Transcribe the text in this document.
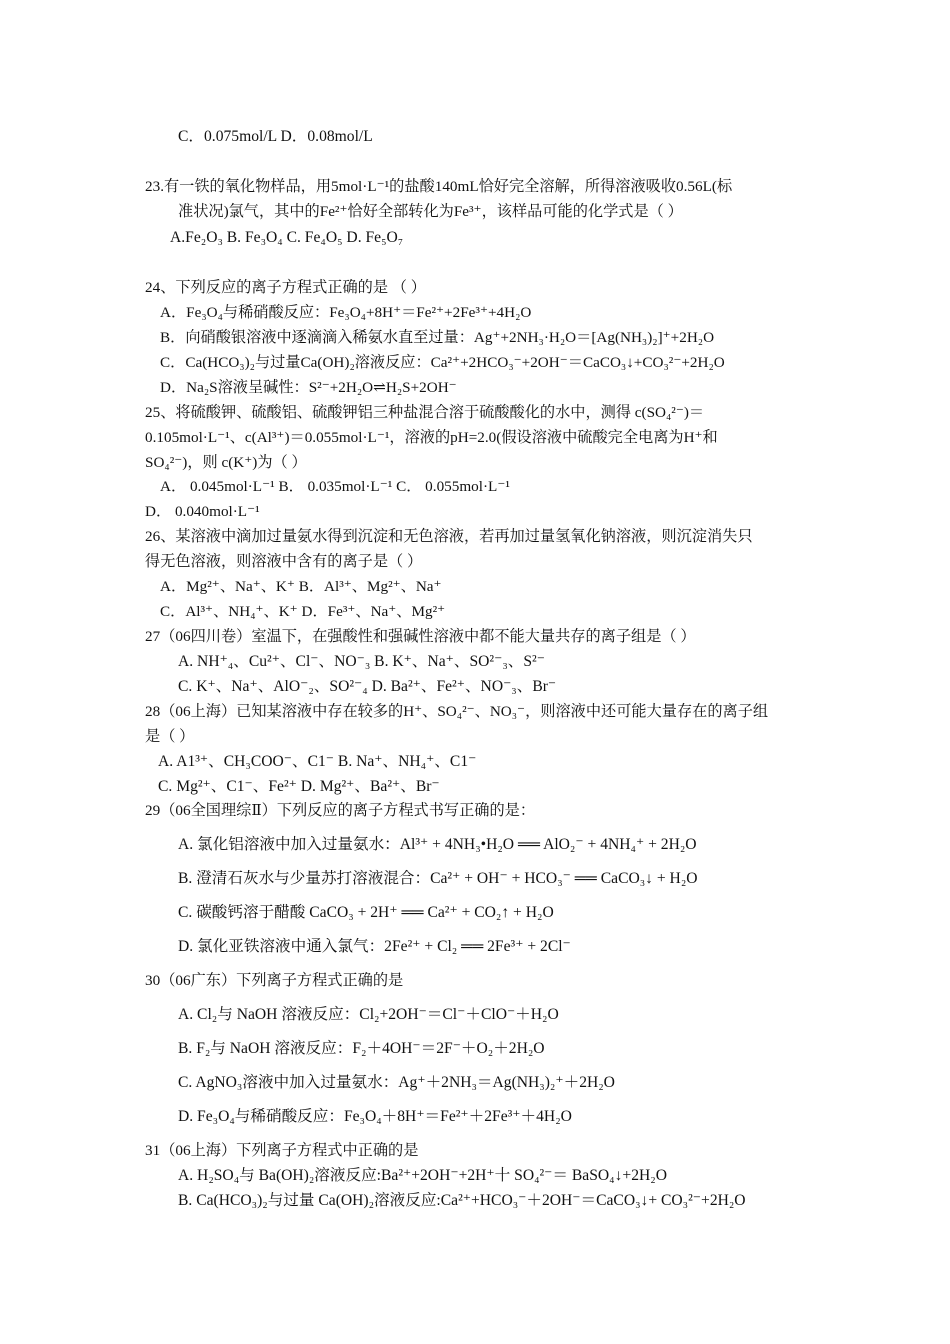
C．0.075mol/L D．0.08mol/L
23.有一铁的氧化物样品，用5mol·L⁻¹的盐酸140mL恰好完全溶解，所得溶液吸收0.56L(标
准状况)氯气，其中的Fe²⁺恰好全部转化为Fe³⁺，该样品可能的化学式是（ ）
A.Fe₂O₃ B. Fe₃O₄ C. Fe₄O₅ D. Fe₅O₇
24、下列反应的离子方程式正确的是 （ ）
A．Fe₃O₄与稀硝酸反应：Fe₃O₄+8H⁺＝Fe²⁺+2Fe³⁺+4H₂O
B．向硝酸银溶液中逐滴滴入稀氨水直至过量：Ag⁺+2NH₃·H₂O＝[Ag(NH₃)₂]⁺+2H₂O
C．Ca(HCO₃)₂与过量Ca(OH)₂溶液反应：Ca²⁺+2HCO₃⁻+2OH⁻＝CaCO₃↓+CO₃²⁻+2H₂O
D．Na₂S溶液呈碱性：S²⁻+2H₂O⇌H₂S+2OH⁻
25、将硫酸钾、硫酸铝、硫酸钾铝三种盐混合溶于硫酸酸化的水中，测得 c(SO₄²⁻)＝
0.105mol·L⁻¹、c(Al³⁺)＝0.055mol·L⁻¹，溶液的pH=2.0(假设溶液中硫酸完全电离为H⁺和
SO₄²⁻)，则 c(K⁺)为（ ）
A． 0.045mol·L⁻¹ B． 0.035mol·L⁻¹ C． 0.055mol·L⁻¹
D． 0.040mol·L⁻¹
26、某溶液中滴加过量氨水得到沉淀和无色溶液，若再加过量氢氧化钠溶液，则沉淀消失只
得无色溶液，则溶液中含有的离子是（ ）
A．Mg²⁺、Na⁺、K⁺ B．Al³⁺、Mg²⁺、Na⁺
C．Al³⁺、NH₄⁺、K⁺ D．Fe³⁺、Na⁺、Mg²⁺
27（06四川卷）室温下，在强酸性和强碱性溶液中都不能大量共存的离子组是（ ）
A. NH⁺₄、Cu²⁺、Cl⁻、NO⁻₃ B. K⁺、Na⁺、SO²⁻₃、S²⁻
C. K⁺、Na⁺、AlO⁻₂、SO²⁻₄ D. Ba²⁺、Fe²⁺、NO⁻₃、Br⁻
28（06上海）已知某溶液中存在较多的H⁺、SO₄²⁻、NO₃⁻，则溶液中还可能大量存在的离子组
是（ ）
A. A1³⁺、CH₃COO⁻、C1⁻ B. Na⁺、NH₄⁺、C1⁻
C. Mg²⁺、C1⁻、Fe²⁺ D. Mg²⁺、Ba²⁺、Br⁻
29（06全国理综Ⅱ）下列反应的离子方程式书写正确的是：
A. 氯化铝溶液中加入过量氨水：Al³⁺ + 4NH₃•H₂O ══ AlO₂⁻ + 4NH₄⁺ + 2H₂O
B. 澄清石灰水与少量苏打溶液混合：Ca²⁺ + OH⁻ + HCO₃⁻ ══ CaCO₃↓ + H₂O
C. 碳酸钙溶于醋酸 CaCO₃ + 2H⁺ ══ Ca²⁺ + CO₂↑ + H₂O
D. 氯化亚铁溶液中通入氯气：2Fe²⁺ + Cl₂ ══ 2Fe³⁺ + 2Cl⁻
30（06广东）下列离子方程式正确的是
A. Cl₂与 NaOH 溶液反应：Cl₂+2OH⁻＝Cl⁻＋ClO⁻＋H₂O
B. F₂与 NaOH 溶液反应：F₂＋4OH⁻＝2F⁻＋O₂＋2H₂O
C. AgNO₃溶液中加入过量氨水：Ag⁺＋2NH₃＝Ag(NH₃)₂⁺＋2H₂O
D. Fe₃O₄与稀硝酸反应：Fe₃O₄＋8H⁺＝Fe²⁺＋2Fe³⁺＋4H₂O
31（06上海）下列离子方程式中正确的是
A. H₂SO₄与 Ba(OH)₂溶液反应:Ba²⁺+2OH⁻+2H⁺十 SO₄²⁻＝ BaSO₄↓+2H₂O
B. Ca(HCO₃)₂与过量 Ca(OH)₂溶液反应:Ca²⁺+HCO₃⁻＋2OH⁻＝CaCO₃↓+ CO₃²⁻+2H₂O
